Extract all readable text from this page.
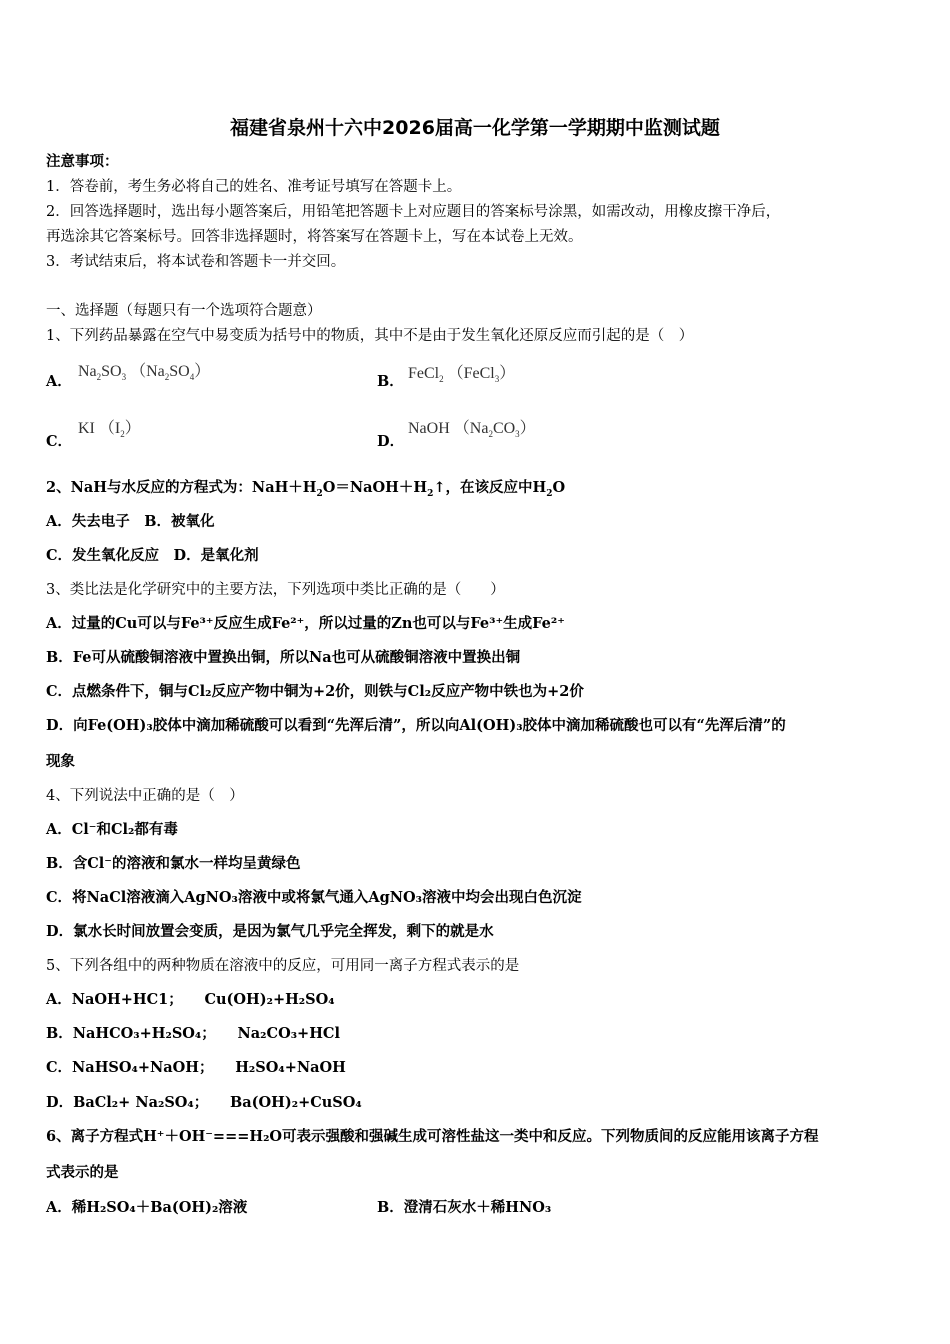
福建省泉州十六中2026届高一化学第一学期期中监测试题
注意事项：
1．答卷前，考生务必将自己的姓名、准考证号填写在答题卡上。
2．回答选择题时，选出每小题答案后，用铅笔把答题卡上对应题目的答案标号涂黑，如需改动，用橡皮擦干净后，
再选涂其它答案标号。回答非选择题时，将答案写在答题卡上，写在本试卷上无效。
3．考试结束后，将本试卷和答题卡一并交回。
一、选择题（每题只有一个选项符合题意）
1、下列药品暴露在空气中易变质为括号中的物质，其中不是由于发生氧化还原反应而引起的是（　）
A．
$Na_2SO_3$ $(Na_2SO_4)$
B． FeCl$_2$ （FeCl$_3$）
C．
KI $(I_2)$
D．
NaOH $(Na_2CO_3)$
2、NaH与水反应的方程式为：$NaH+H_2O=NaOH+H_2↑$，在该反应中$H_2O$
A．失去电子　B．被氧化
C．发生氧化反应　D．是氧化剂
3、类比法是化学研究中的主要方法，下列选项中类比正确的是（　　）
A．过量的Cu可以与Fe³⁺反应生成Fe²⁺，所以过量的Zn也可以与Fe³⁺生成Fe²⁺
B．Fe可从硫酸铜溶液中置换出铜，所以Na也可从硫酸铜溶液中置换出铜
C．点燃条件下，铜与Cl₂反应产物中铜为+2价，则铁与Cl₂反应产物中铁也为+2价
D．向Fe(OH)₃胶体中滴加稀硫酸可以看到“先浑后清”，所以向Al(OH)₃胶体中滴加稀硫酸也可以有“先浑后清”的
现象
4、下列说法中正确的是（　）
A．Cl⁻和Cl₂都有毒
B．含Cl⁻的溶液和氯水一样均呈黄绿色
C．将NaCl溶液滴入AgNO₃溶液中或将氯气通入AgNO₃溶液中均会出现白色沉淀
D．氯水长时间放置会变质，是因为氯气几乎完全挥发，剩下的就是水
5、下列各组中的两种物质在溶液中的反应，可用同一离子方程式表示的是
A．NaOH+HC1；　　Cu(OH)₂+H₂SO₄
B．NaHCO₃+H₂SO₄；　　Na₂CO₃+HCl
C．NaHSO₄+NaOH；　　H₂SO₄+NaOH
D．BaCl₂+ Na₂SO₄；　　Ba(OH)₂+CuSO₄
6、离子方程式H⁺＋OH⁻===H₂O可表示强酸和强碱生成可溶性盐这一类中和反应。下列物质间的反应能用该离子方程
式表示的是
A．稀H₂SO₄＋Ba(OH)₂溶液	B．澄清石灰水＋稀HNO₃
